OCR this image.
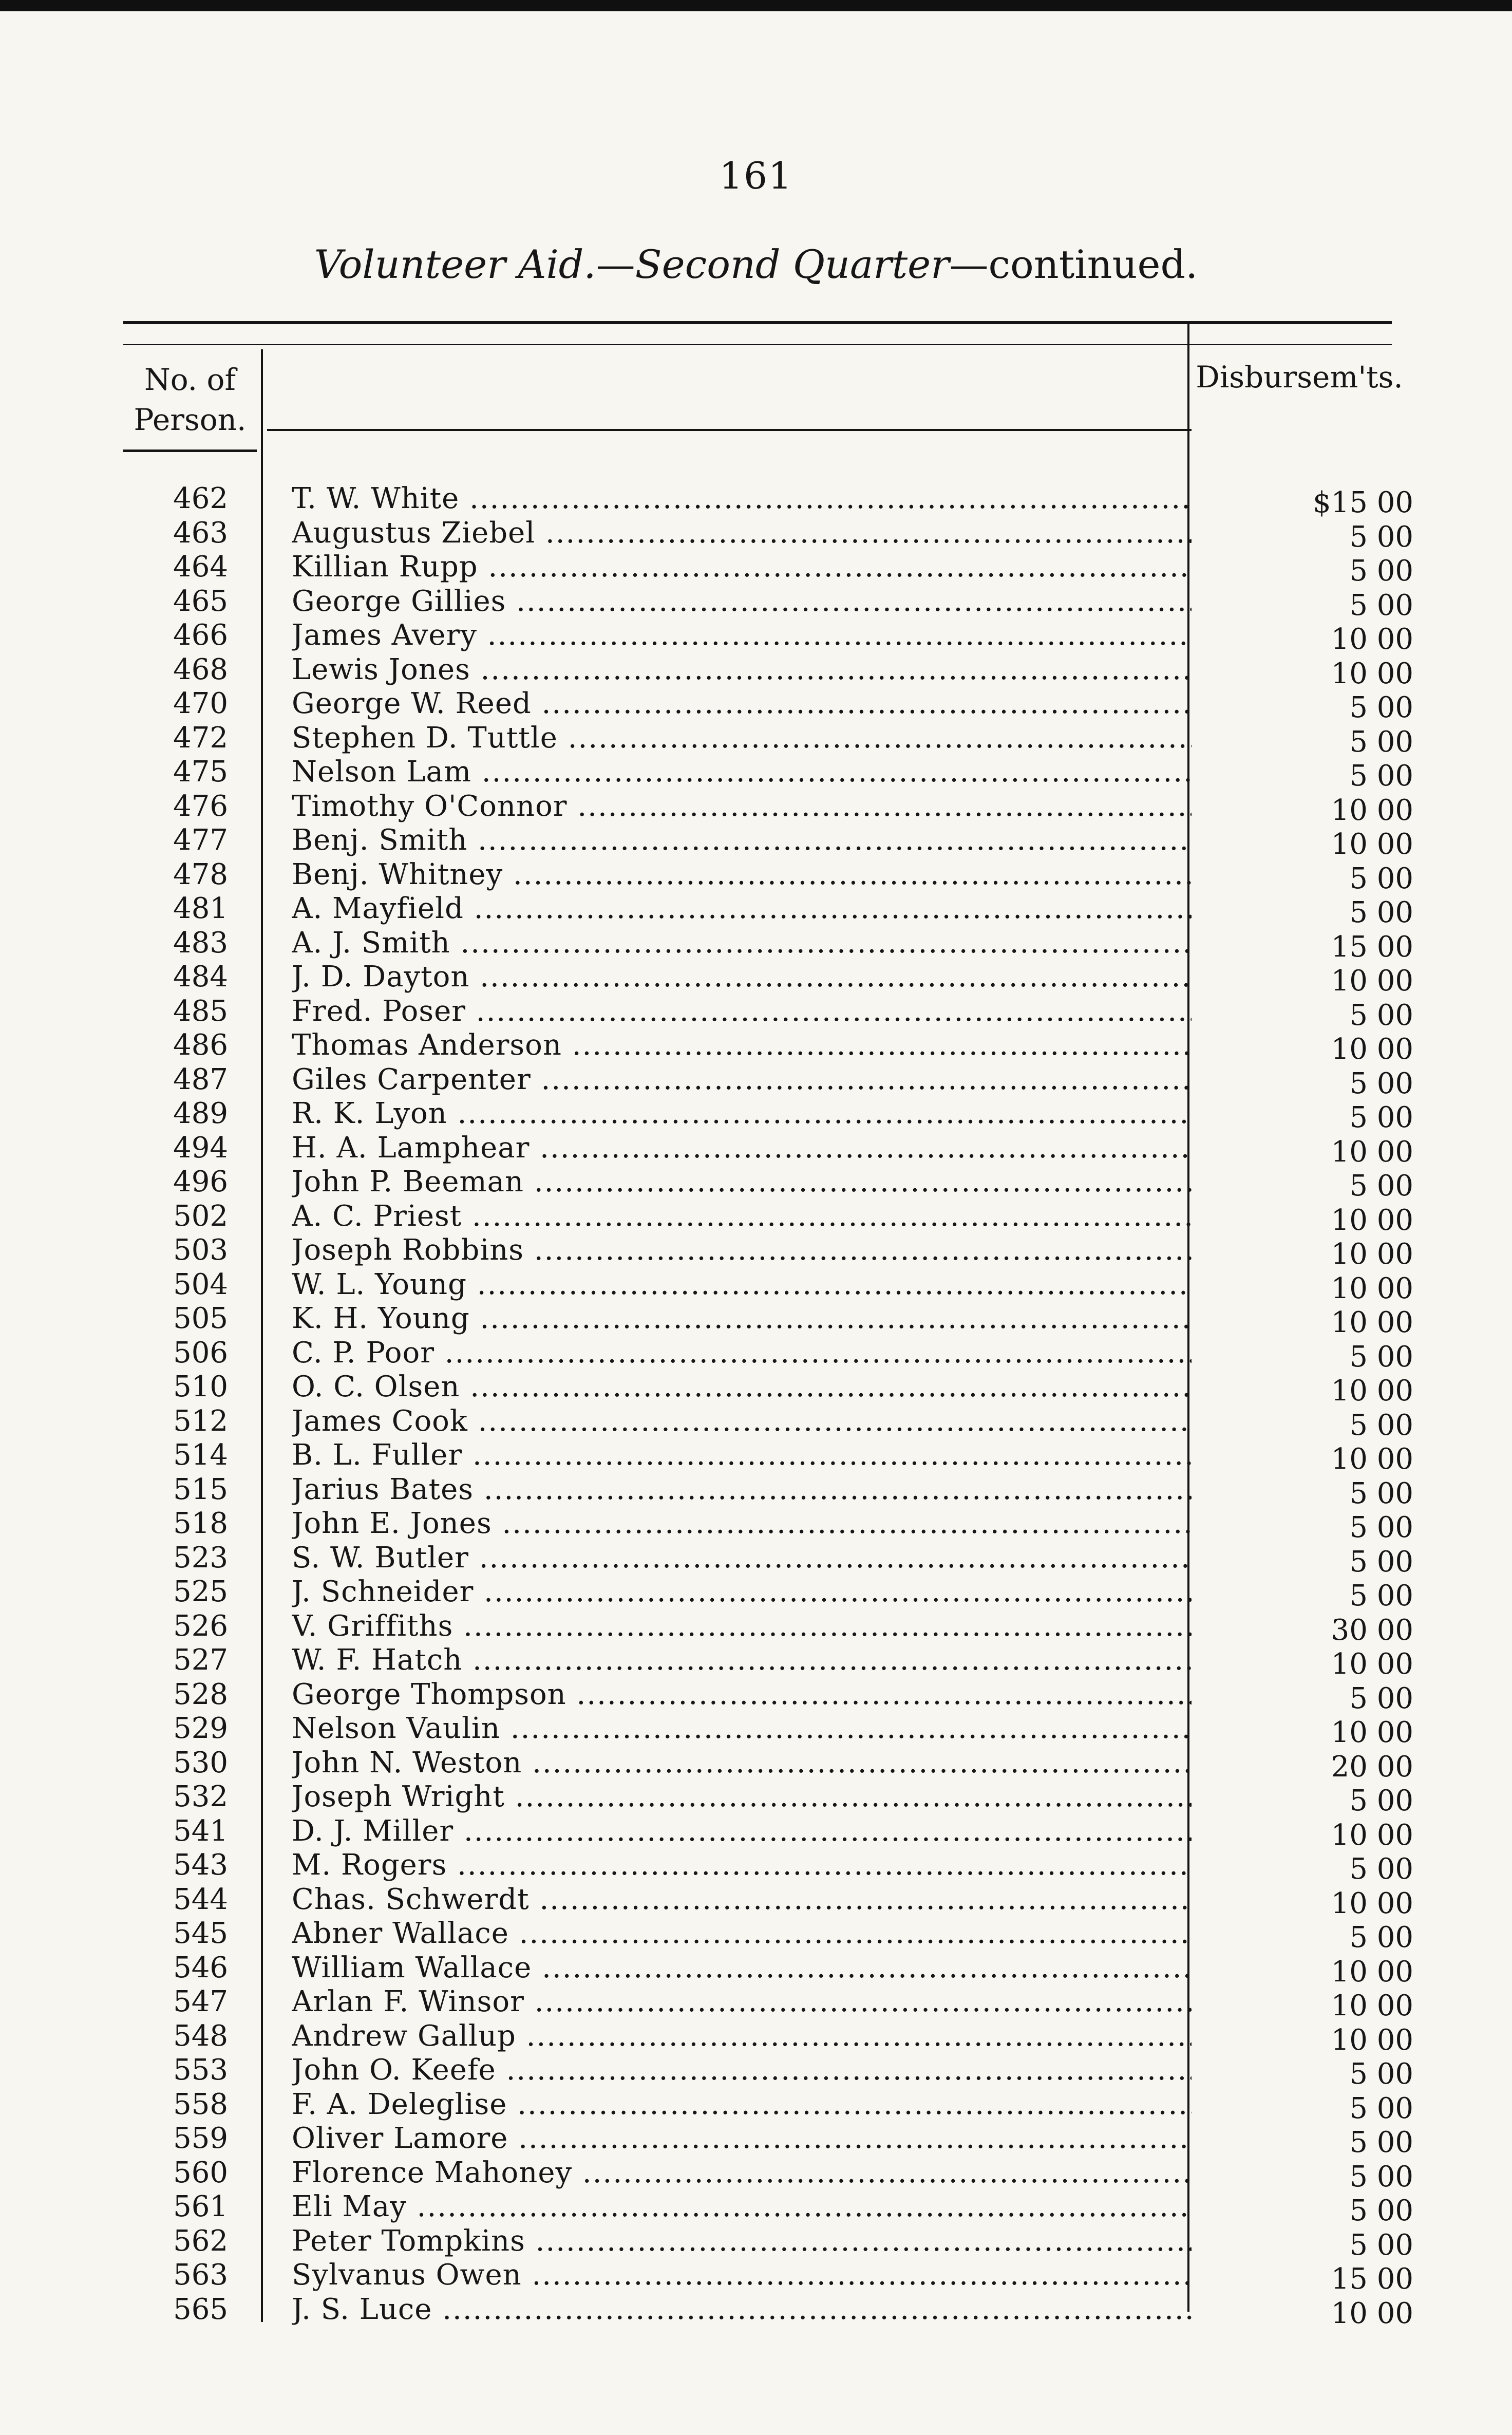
161
Volunteer Aid.—Second Quarter—continued.
No. of
Person.
Disbursem'ts.
462 T. W. White .....	$15 00
463 Augustus Ziebel .....	5 00
464 Killian Rupp .....	5 00
465 George Gillies .....	5 00
466 James Avery .....	10 00
468 Lewis Jones .....	10 00
470 George W. Reed .....	5 00
472 Stephen D. Tuttle .....	5 00
475 Nelson Lam .....	5 00
476 Timothy O'Connor .....	10 00
477 Benj. Smith .....	10 00
478 Benj. Whitney .....	5 00
481 A. Mayfield .....	5 00
483 A. J. Smith .....	15 00
484 J. D. Dayton .....	10 00
485 Fred. Poser .....	5 00
486 Thomas Anderson .....	10 00
487 Giles Carpenter .....	5 00
489 R. K. Lyon .....	5 00
494 H. A. Lamphear .....	10 00
496 John P. Beeman .....	5 00
502 A. C. Priest .....	10 00
503 Joseph Robbins .....	10 00
504 W. L. Young .....	10 00
505 K. H. Young .....	10 00
506 C. P. Poor .....	5 00
510 O. C. Olsen .....	10 00
512 James Cook .....	5 00
514 B. L. Fuller .....	10 00
515 Jarius Bates .....	5 00
518 John E. Jones .....	5 00
523 S. W. Butler .....	5 00
525 J. Schneider .....	5 00
526 V. Griffiths .....	30 00
527 W. F. Hatch .....	10 00
528 George Thompson .....	5 00
529 Nelson Vaulin .....	10 00
530 John N. Weston .....	20 00
532 Joseph Wright .....	5 00
541 D. J. Miller .....	10 00
543 M. Rogers .....	5 00
544 Chas. Schwerdt .....	10 00
545 Abner Wallace .....	5 00
546 William Wallace .....	10 00
547 Arlan F. Winsor .....	10 00
548 Andrew Gallup .....	10 00
553 John O. Keefe .....	5 00
558 F. A. Deleglise .....	5 00
559 Oliver Lamore .....	5 00
560 Florence Mahoney .....	5 00
561 Eli May .....	5 00
562 Peter Tompkins .....	5 00
563 Sylvanus Owen .....	15 00
565 J. S. Luce .....	10 00
